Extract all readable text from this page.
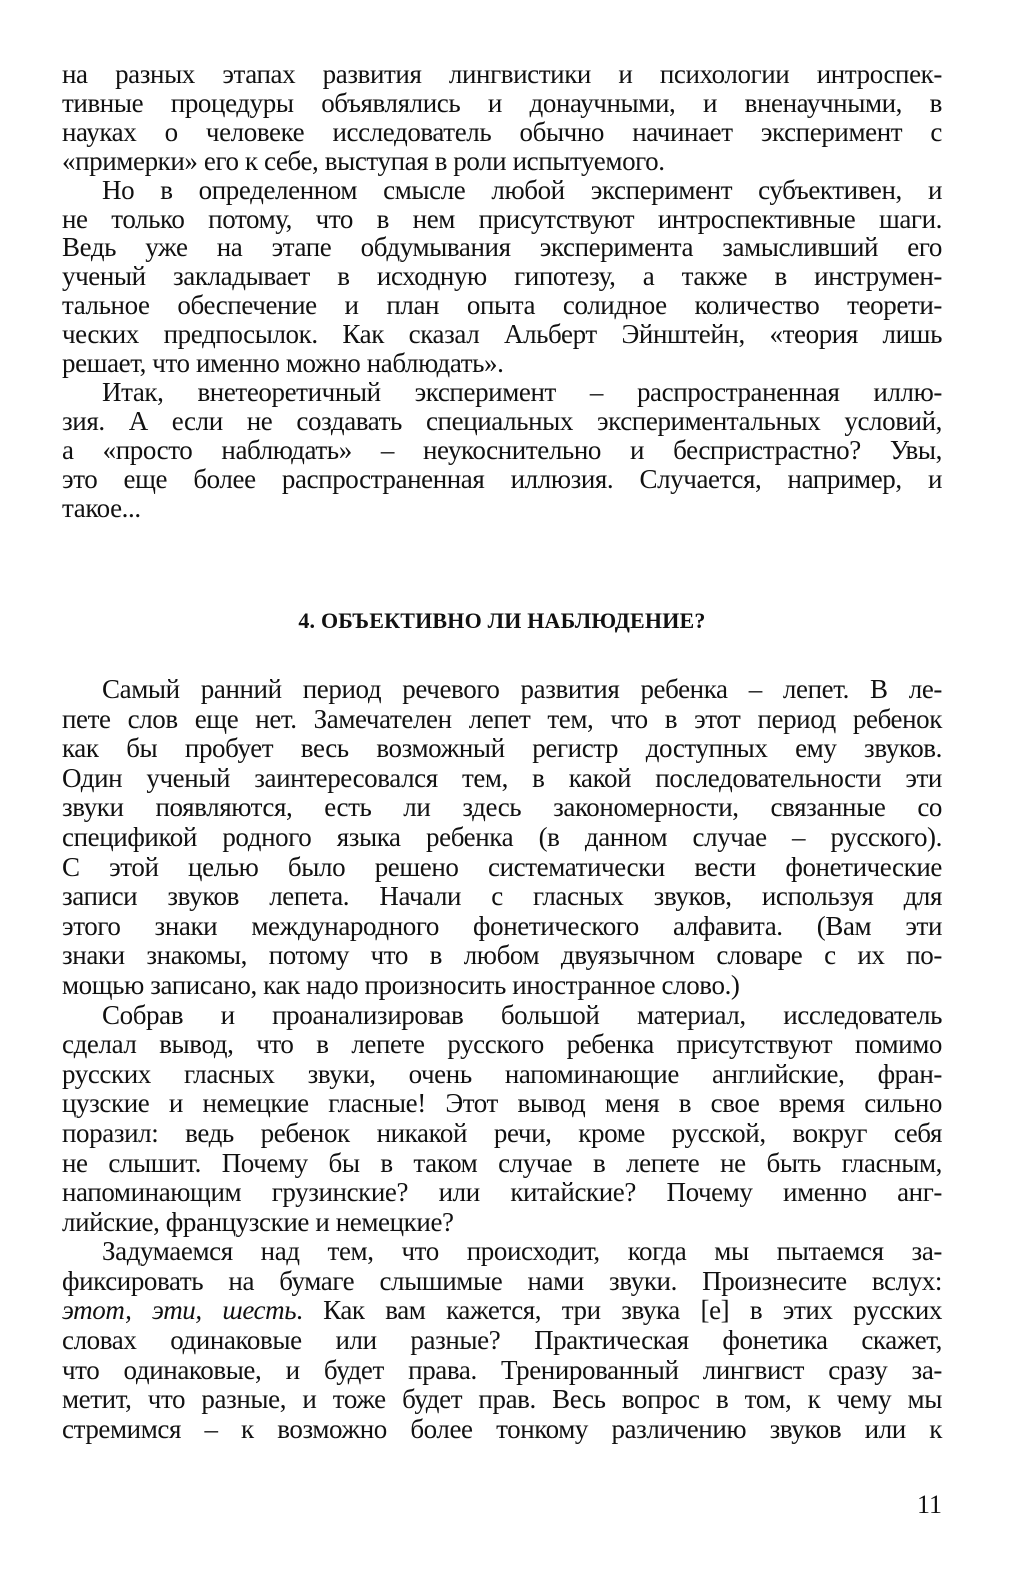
на разных этапах развития лингвистики и психологии интроспек-
тивные процедуры объявлялись и донаучными, и вненаучными, в
науках о человеке исследователь обычно начинает эксперимент с
«примерки» его к себе, выступая в роли испытуемого.
Но в определенном смысле любой эксперимент субъективен, и
не только потому, что в нем присутствуют интроспективные шаги.
Ведь уже на этапе обдумывания эксперимента замысливший его
ученый закладывает в исходную гипотезу, а также в инструмен-
тальное обеспечение и план опыта солидное количество теорети-
ческих предпосылок. Как сказал Альберт Эйнштейн, «теория лишь
решает, что именно можно наблюдать».
Итак, внетеоретичный эксперимент – распространенная иллю-
зия. А если не создавать специальных экспериментальных условий,
а «просто наблюдать» – неукоснительно и беспристрастно? Увы,
это еще более распространенная иллюзия. Случается, например, и
такое...
4. ОБЪЕКТИВНО ЛИ НАБЛЮДЕНИЕ?
Самый ранний период речевого развития ребенка – лепет. В ле-
пете слов еще нет. Замечателен лепет тем, что в этот период ребенок
как бы пробует весь возможный регистр доступных ему звуков.
Один ученый заинтересовался тем, в какой последовательности эти
звуки появляются, есть ли здесь закономерности, связанные со
спецификой родного языка ребенка (в данном случае – русского).
С этой целью было решено систематически вести фонетические
записи звуков лепета. Начали с гласных звуков, используя для
этого знаки международного фонетического алфавита. (Вам эти
знаки знакомы, потому что в любом двуязычном словаре с их по-
мощью записано, как надо произносить иностранное слово.)
Собрав и проанализировав большой материал, исследователь
сделал вывод, что в лепете русского ребенка присутствуют помимо
русских гласных звуки, очень напоминающие английские, фран-
цузские и немецкие гласные! Этот вывод меня в свое время сильно
поразил: ведь ребенок никакой речи, кроме русской, вокруг себя
не слышит. Почему бы в таком случае в лепете не быть гласным,
напоминающим грузинские? или китайские? Почему именно анг-
лийские, французские и немецкие?
Задумаемся над тем, что происходит, когда мы пытаемся за-
фиксировать на бумаге слышимые нами звуки. Произнесите вслух:
этот, эти, шесть. Как вам кажется, три звука [e] в этих русских
словах одинаковые или разные? Практическая фонетика скажет,
что одинаковые, и будет права. Тренированный лингвист сразу за-
метит, что разные, и тоже будет прав. Весь вопрос в том, к чему мы
стремимся – к возможно более тонкому различению звуков или к
11
